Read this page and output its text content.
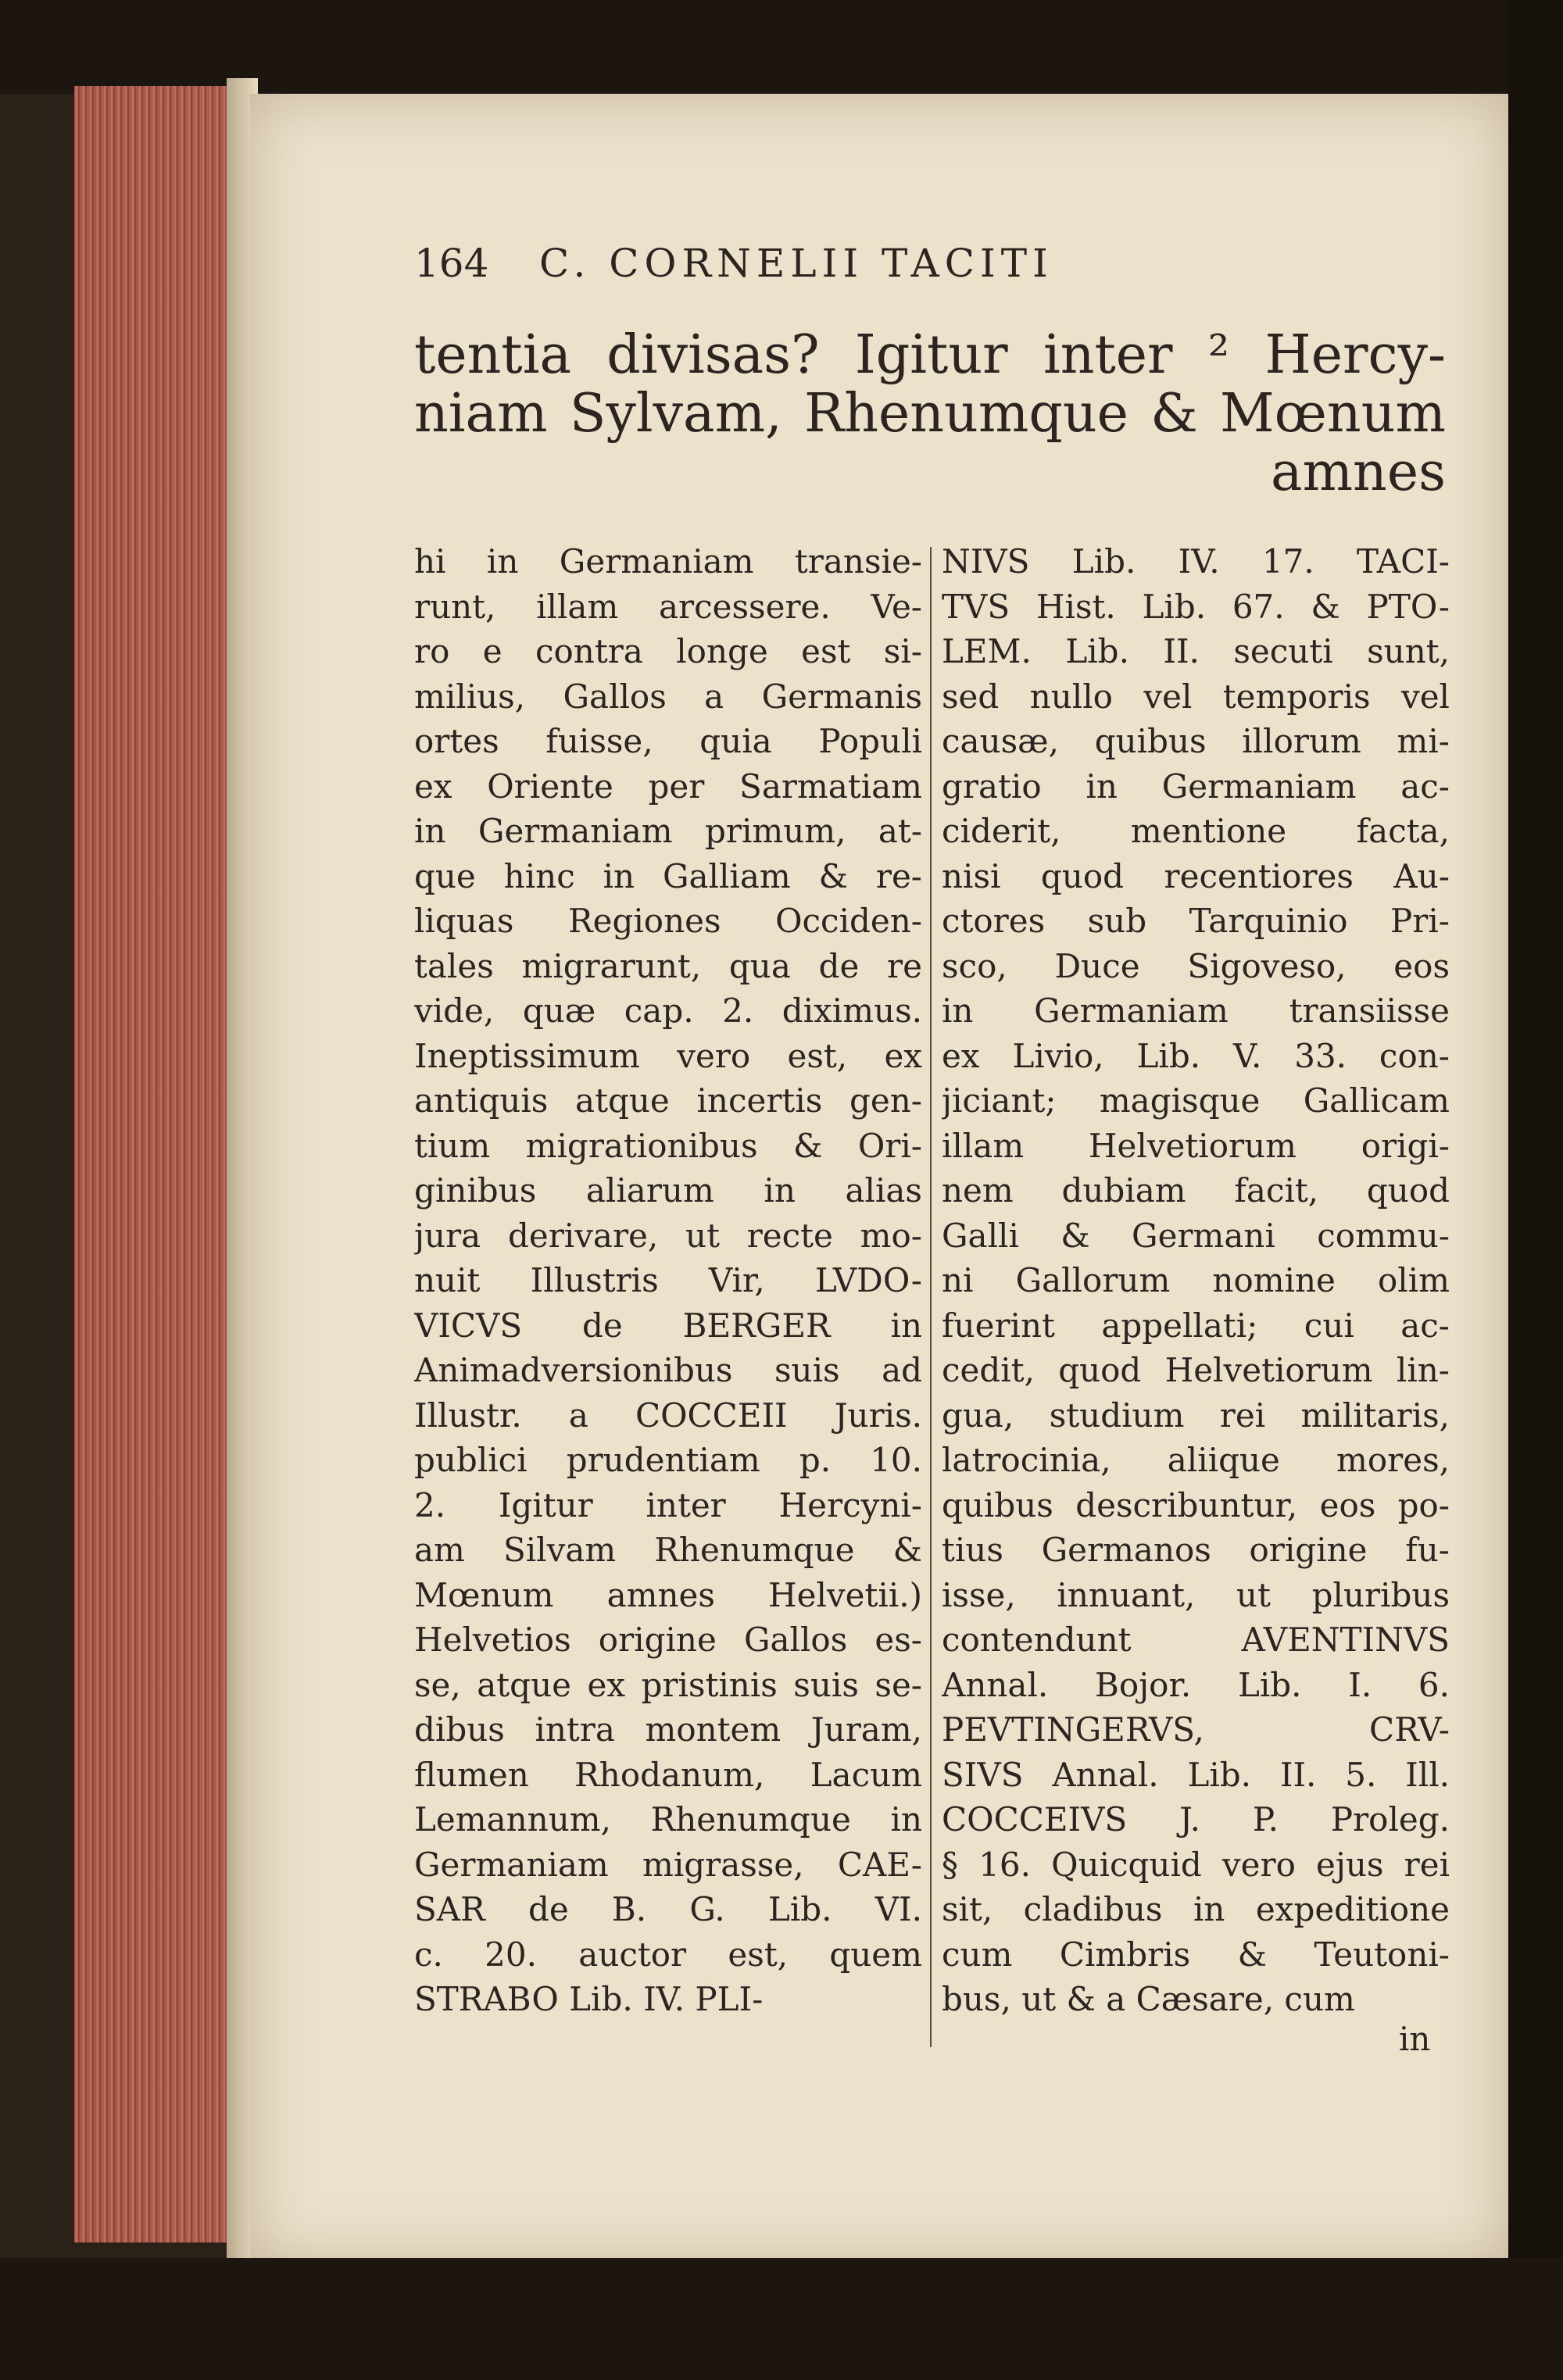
164 C. CORNELII TACITI
tentia divisas? Igitur inter ² Hercy-
niam Sylvam, Rhenumque & Mœnum
amnes
hi in Germaniam transie-
runt, illam arcessere. Ve-
ro e contra longe est si-
milius, Gallos a Germanis
ortes fuisse, quia Populi
ex Oriente per Sarmatiam
in Germaniam primum, at-
que hinc in Galliam & re-
liquas Regiones Occiden-
tales migrarunt, qua de re
vide, quæ cap. 2. diximus.
Ineptissimum vero est, ex
antiquis atque incertis gen-
tium migrationibus & Ori-
ginibus aliarum in alias
jura derivare, ut recte mo-
nuit Illustris Vir, LVDO-
VICVS de BERGER in
Animadversionibus suis ad
Illustr. a COCCEII Juris.
publici prudentiam p. 10.
2. Igitur inter Hercyni-
am Silvam Rhenumque &
Mœnum amnes Helvetii.)
Helvetios origine Gallos es-
se, atque ex pristinis suis se-
dibus intra montem Juram,
flumen Rhodanum, Lacum
Lemannum, Rhenumque in
Germaniam migrasse, CAE-
SAR de B. G. Lib. VI.
c. 20. auctor est, quem
STRABO Lib. IV. PLI-
NIVS Lib. IV. 17. TACI-
TVS Hist. Lib. 67. & PTO-
LEM. Lib. II. secuti sunt,
sed nullo vel temporis vel
causæ, quibus illorum mi-
gratio in Germaniam ac-
ciderit, mentione facta,
nisi quod recentiores Au-
ctores sub Tarquinio Pri-
sco, Duce Sigoveso, eos
in Germaniam transiisse
ex Livio, Lib. V. 33. con-
jiciant; magisque Gallicam
illam Helvetiorum origi-
nem dubiam facit, quod
Galli & Germani commu-
ni Gallorum nomine olim
fuerint appellati; cui ac-
cedit, quod Helvetiorum lin-
gua, studium rei militaris,
latrocinia, aliique mores,
quibus describuntur, eos po-
tius Germanos origine fu-
isse, innuant, ut pluribus
contendunt AVENTINVS
Annal. Bojor. Lib. I. 6.
PEVTINGERVS, CRV-
SIVS Annal. Lib. II. 5. Ill.
COCCEIVS J. P. Proleg.
§ 16. Quicquid vero ejus rei
sit, cladibus in expeditione
cum Cimbris & Teutoni-
bus, ut & a Cæsare, cum
in
